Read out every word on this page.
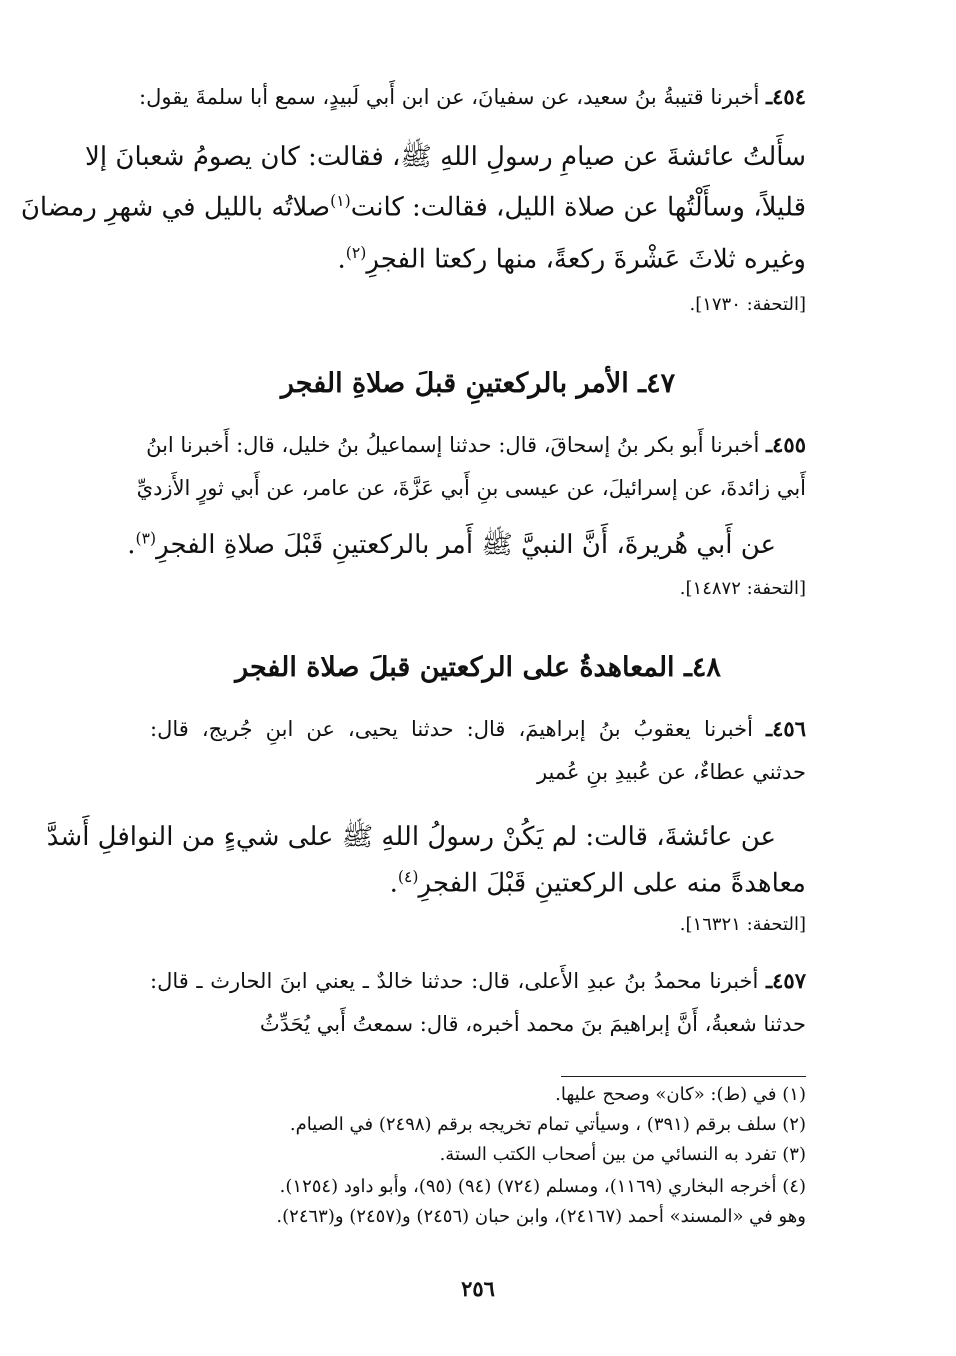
٤٥٤ـ أخبرنا قتيبةُ بنُ سعيد، عن سفيانَ، عن ابن أَبي لَبيدٍ، سمع أبا سلمةَ يقول:
سأَلتُ عائشةَ عن صيامِ رسولِ اللهِ ﷺ، فقالت: كان يصومُ شعبانَ إلا
قليلاً، وسأَلْتُها عن صلاة الليل، فقالت: كانت$^{(١)}$صلاتُه بالليل في شهرِ رمضانَ
وغيره ثلاثَ عَشْرةَ ركعةً، منها ركعتا الفجرِ$^{(٢)}$.
[التحفة: ١٧٣٠].
٤٧ـ الأمر بالركعتينِ قبلَ صلاةِ الفجر
٤٥٥ـ أخبرنا أَبو بكر بنُ إسحاقَ، قال: حدثنا إسماعيلُ بنُ خليل، قال: أَخبرنا ابنُ
أَبي زائدةَ، عن إسرائيلَ، عن عيسى بنِ أَبي عَزَّةَ، عن عامر، عن أَبي ثورٍ الأَزديِّ
عن أَبي هُريرةَ، أَنَّ النبيَّ ﷺ أَمر بالركعتينِ قَبْلَ صلاةِ الفجرِ$^{(٣)}$.
[التحفة: ١٤٨٧٢].
٤٨ـ المعاهدةُ على الركعتين قبلَ صلاة الفجر
٤٥٦ـ أخبرنا يعقوبُ بنُ إبراهيمَ، قال: حدثنا يحيى، عن ابنِ جُريج، قال:
حدثني عطاءٌ، عن عُبيدِ بنِ عُمير
عن عائشةَ، قالت: لم يَكُنْ رسولُ اللهِ ﷺ على شيءٍ من النوافلِ أَشدَّ
معاهدةً منه على الركعتينِ قَبْلَ الفجرِ$^{(٤)}$.
[التحفة: ١٦٣٢١].
٤٥٧ـ أخبرنا محمدُ بنُ عبدِ الأَعلى، قال: حدثنا خالدٌ ـ يعني ابنَ الحارث ـ قال:
حدثنا شعبةُ، أَنَّ إبراهيمَ بنَ محمد أخبره، قال: سمعتُ أَبي يُحَدِّثُ
(١) في (ط): «كان» وصحح عليها.
(٢) سلف برقم (٣٩١) ، وسيأتي تمام تخريجه برقم (٢٤٩٨) في الصيام.
(٣) تفرد به النسائي من بين أصحاب الكتب الستة.
(٤) أخرجه البخاري (١١٦٩)، ومسلم (٧٢٤) (٩٤) (٩٥)، وأبو داود (١٢٥٤).
وهو في «المسند» أحمد (٢٤١٦٧)، وابن حبان (٢٤٥٦) و(٢٤٥٧) و(٢٤٦٣).
٢٥٦
